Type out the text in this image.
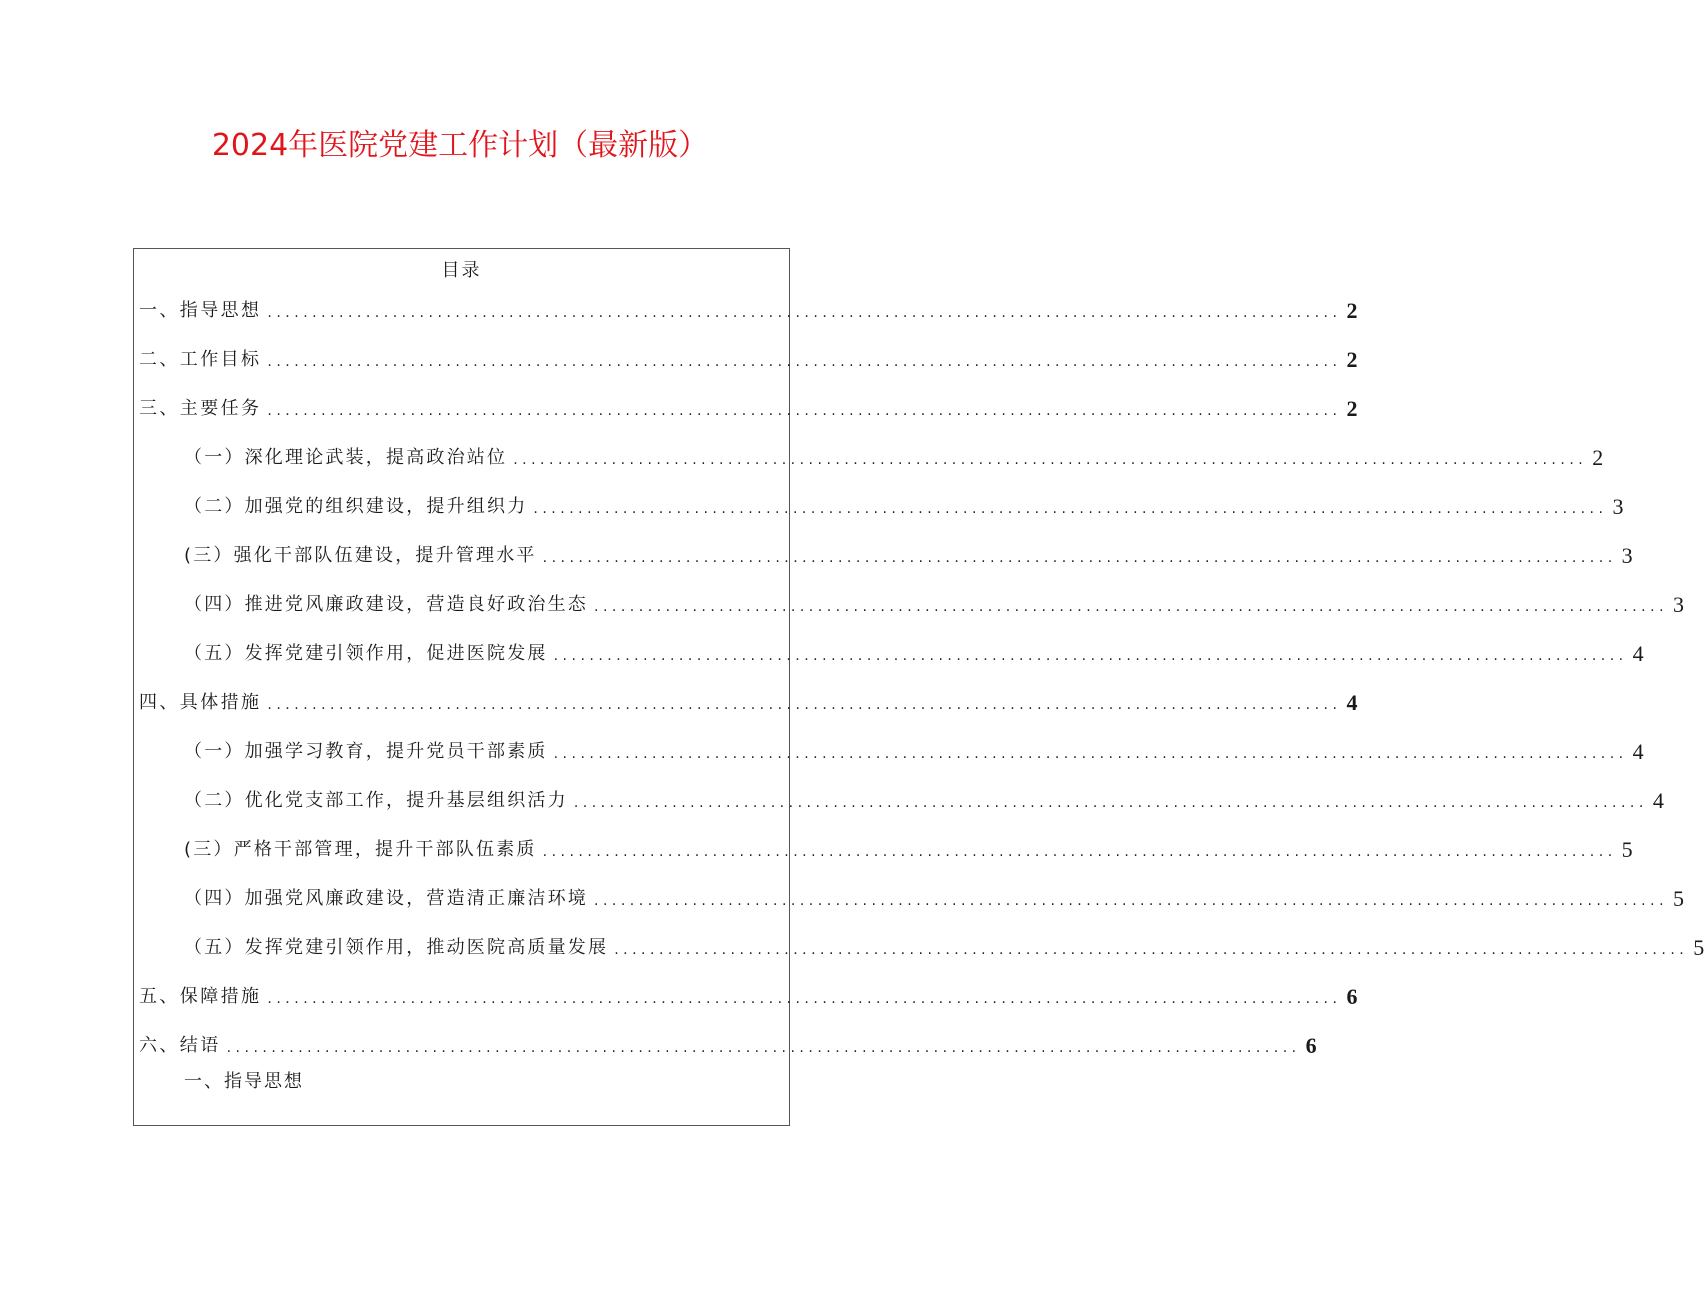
2024年医院党建工作计划（最新版）
目录
一、指导思想 ........................................................................................................................ 2
二、工作目标 ........................................................................................................................ 2
三、主要任务 ........................................................................................................................ 2
（一）深化理论武装，提高政治站位 ........................................................................................................................ 2
（二）加强党的组织建设，提升组织力 ........................................................................................................................ 3
(三）强化干部队伍建设，提升管理水平 ........................................................................................................................ 3
（四）推进党风廉政建设，营造良好政治生态 ........................................................................................................................ 3
（五）发挥党建引领作用，促进医院发展 ........................................................................................................................ 4
四、具体措施 ........................................................................................................................ 4
（一）加强学习教育，提升党员干部素质 ........................................................................................................................ 4
（二）优化党支部工作，提升基层组织活力 ........................................................................................................................ 4
(三）严格干部管理，提升干部队伍素质 ........................................................................................................................ 5
（四）加强党风廉政建设，营造清正廉洁环境 ........................................................................................................................ 5
（五）发挥党建引领作用，推动医院高质量发展 ........................................................................................................................ 5
五、保障措施 ........................................................................................................................ 6
六、结语 ........................................................................................................................ 6
一、指导思想
